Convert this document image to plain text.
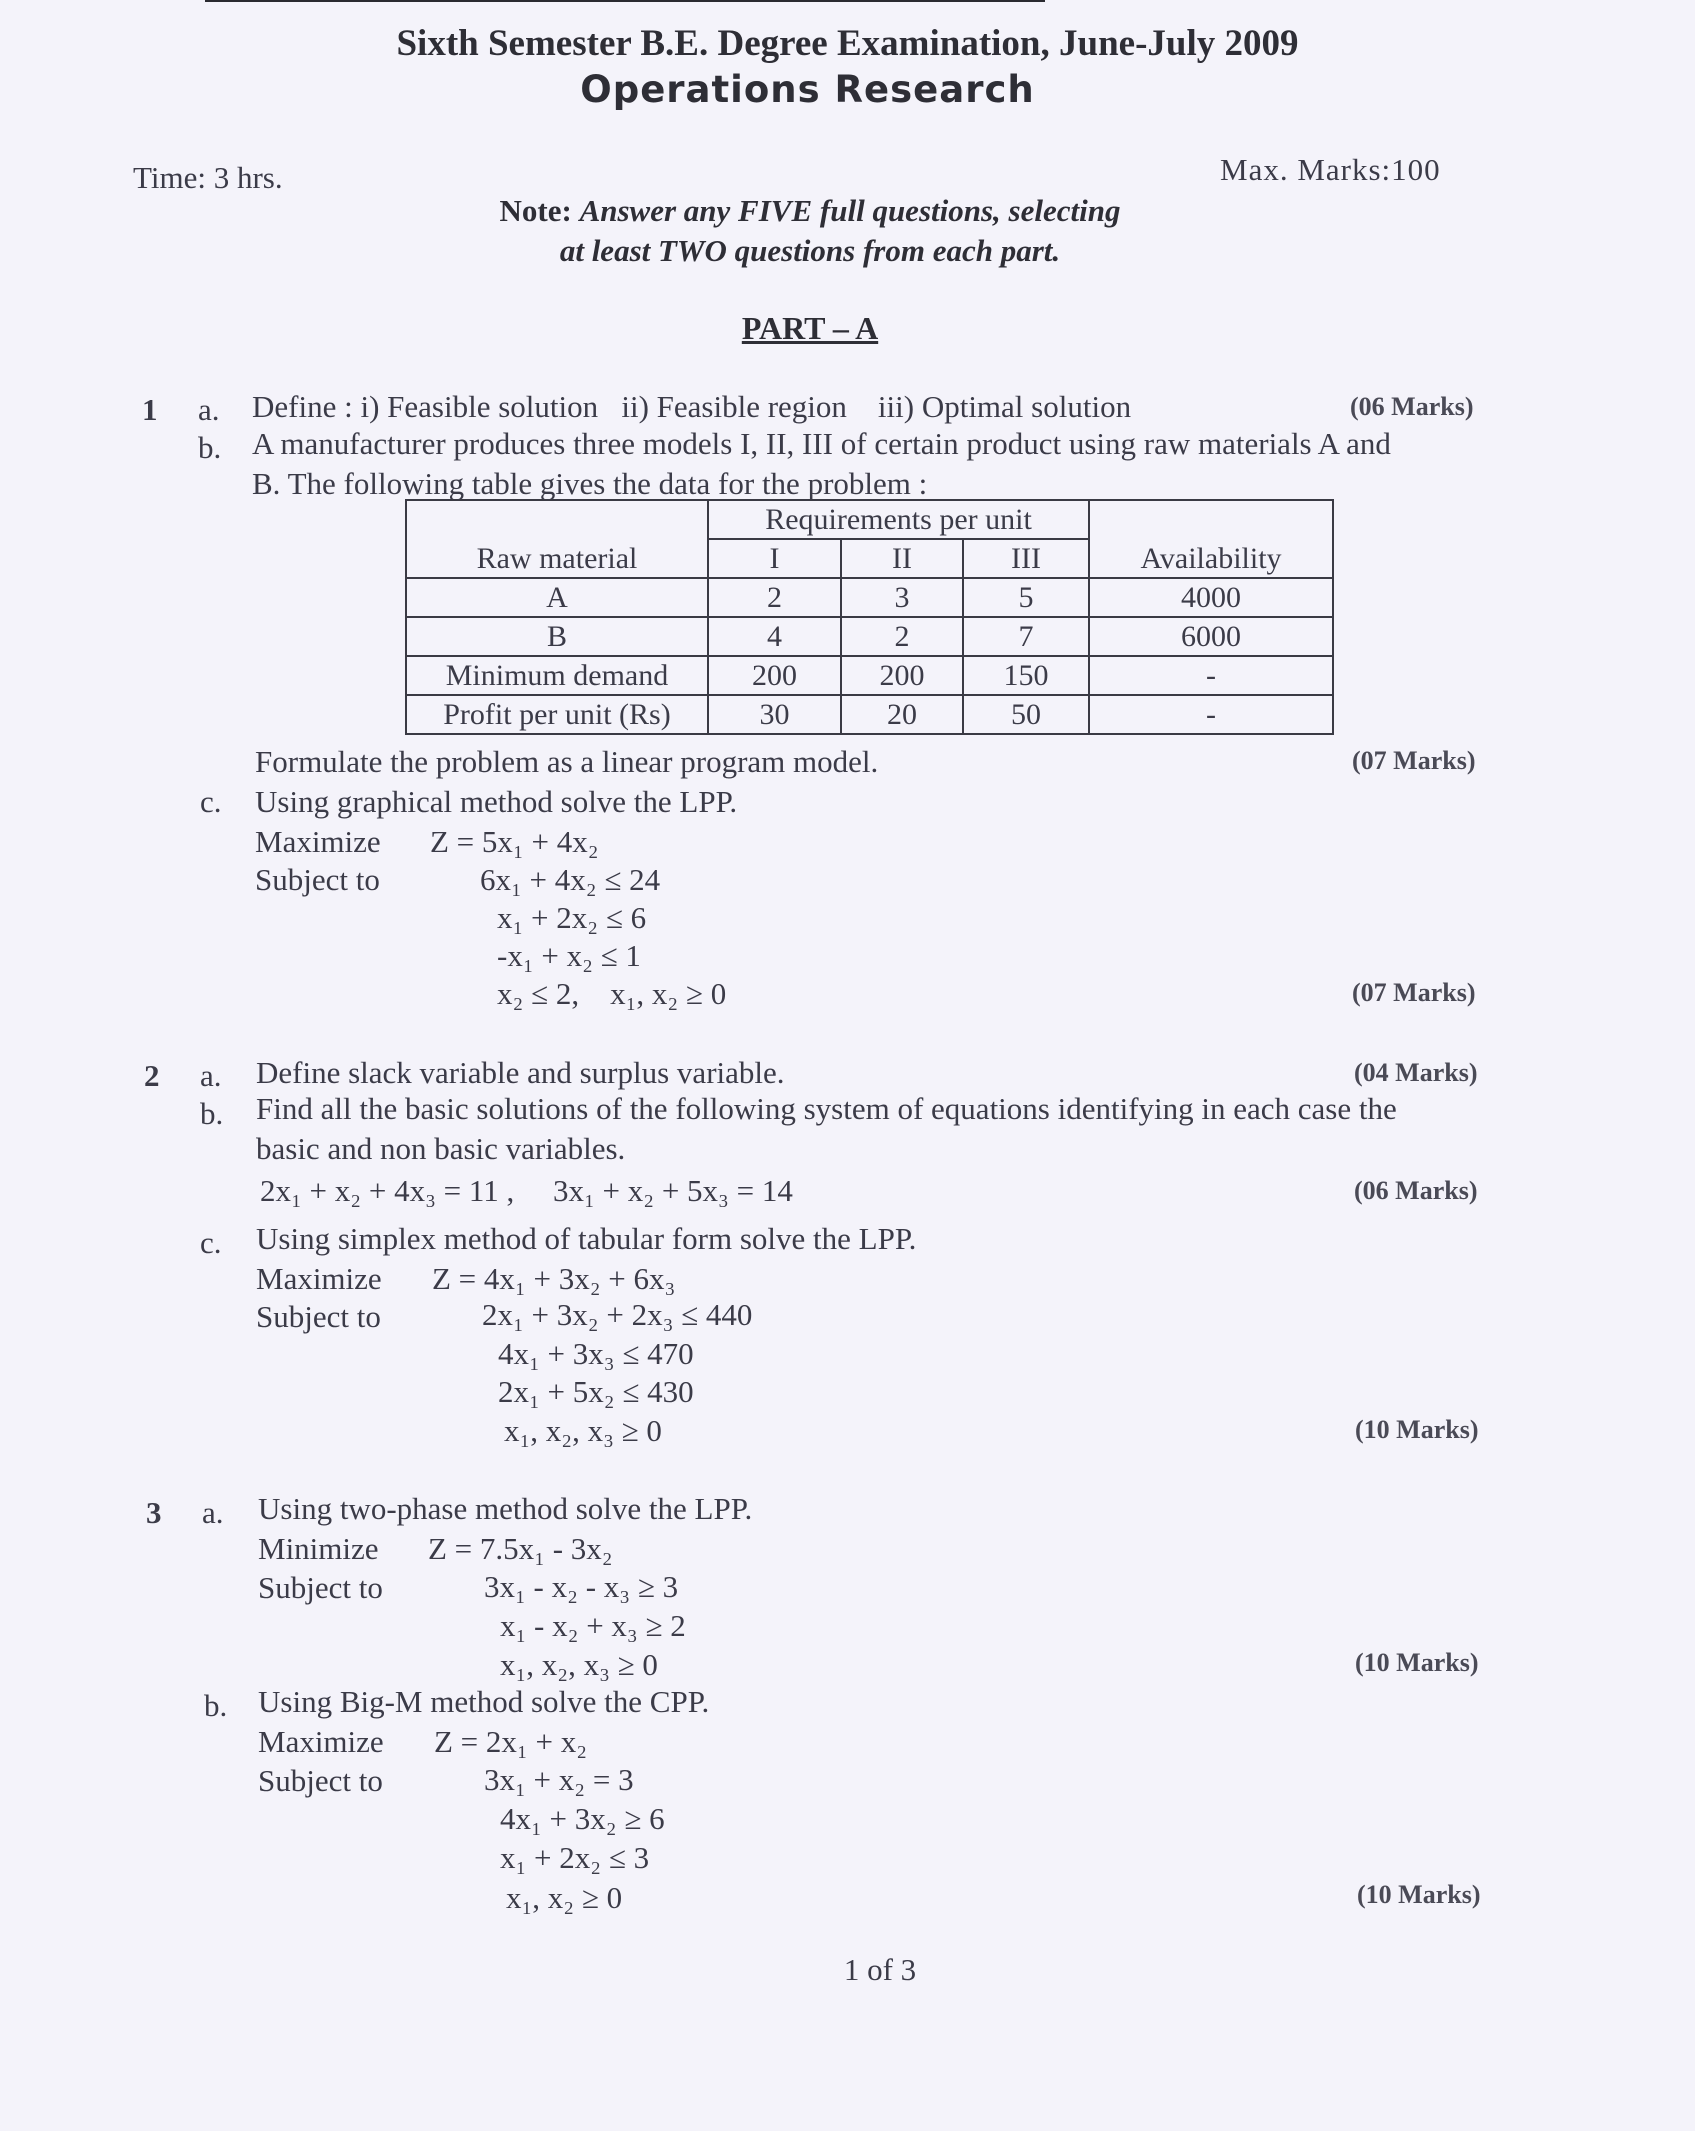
Sixth Semester B.E. Degree Examination, June-July 2009
Operations Research
Time: 3 hrs.	Max. Marks:100
Note: Answer any FIVE full questions, selecting
at least TWO questions from each part.
PART – A
1 a. Define : i) Feasible solution   ii) Feasible region    iii) Optimal solution	(06 Marks)
b. A manufacturer produces three models I, II, III of certain product using raw materials A and
B. The following table gives the data for the problem :
Raw material	Requirements per unit			Availability
	I	II	III	
A	2	3	5	4000
B	4	2	7	6000
Minimum demand	200	200	150	-
Profit per unit (Rs)	30	20	50	-
Formulate the problem as a linear program model.	(07 Marks)
c. Using graphical method solve the LPP.
Maximize Z = 5x₁ + 4x₂
Subject to	6x₁ + 4x₂ ≤ 24
x₁ + 2x₂ ≤ 6
-x₁ + x₂ ≤ 1
x₂ ≤ 2,    x₁, x₂ ≥ 0	(07 Marks)
2 a. Define slack variable and surplus variable.	(04 Marks)
b. Find all the basic solutions of the following system of equations identifying in each case the
basic and non basic variables.
2x₁ + x₂ + 4x₃ = 11 ,     3x₁ + x₂ + 5x₃ = 14	(06 Marks)
c. Using simplex method of tabular form solve the LPP.
Maximize Z = 4x₁ + 3x₂ + 6x₃
Subject to	2x₁ + 3x₂ + 2x₃ ≤ 440
4x₁ + 3x₃ ≤ 470
2x₁ + 5x₂ ≤ 430
x₁, x₂, x₃ ≥ 0	(10 Marks)
3 a. Using two-phase method solve the LPP.
Minimize Z = 7.5x₁ - 3x₂
Subject to	3x₁ - x₂ - x₃ ≥ 3
x₁ - x₂ + x₃ ≥ 2
x₁, x₂, x₃ ≥ 0	(10 Marks)
b. Using Big-M method solve the CPP.
Maximize Z = 2x₁ + x₂
Subject to	3x₁ + x₂ = 3
4x₁ + 3x₂ ≥ 6
x₁ + 2x₂ ≤ 3
x₁, x₂ ≥ 0	(10 Marks)
1 of 3
